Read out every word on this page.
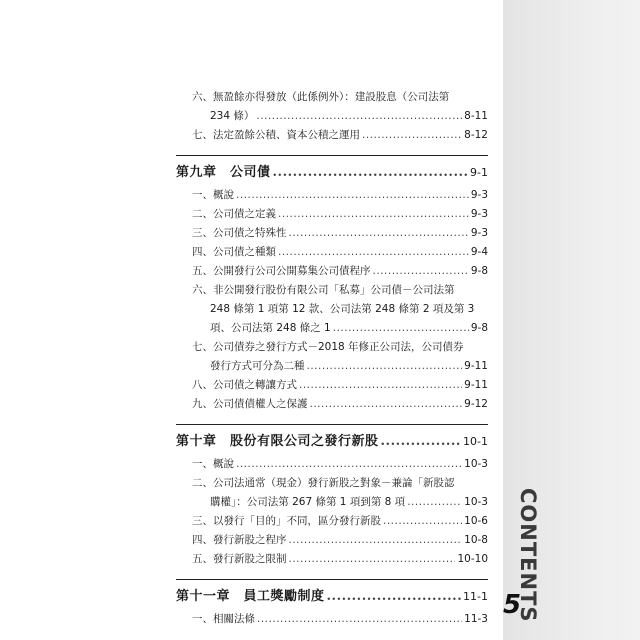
CONTENTS
5
六、無盈餘亦得發放（此係例外）：建設股息（公司法第
234 條） .....	8-11
七、法定盈餘公積、資本公積之運用 .....	8-12
第九章　公司債 .....	9-1
一、概說 .....	9-3
二、公司債之定義 .....	9-3
三、公司債之特殊性 .....	9-3
四、公司債之種類 .....	9-4
五、公開發行公司公開募集公司債程序 .....	9-8
六、非公開發行股份有限公司「私募」公司債－公司法第
248 條第 1 項第 12 款、公司法第 248 條第 2 項及第 3
項、公司法第 248 條之 1 .....	9-8
七、公司債券之發行方式－2018 年修正公司法，公司債券
發行方式可分為二種 .....	9-11
八、公司債之轉讓方式 .....	9-11
九、公司債債權人之保護 .....	9-12
第十章　股份有限公司之發行新股 .....	10-1
一、概說 .....	10-3
二、公司法通常（現金）發行新股之對象－兼論「新股認
購權」：公司法第 267 條第 1 項到第 8 項 .....	10-3
三、以發行「目的」不同，區分發行新股 .....	10-6
四、發行新股之程序 .....	10-8
五、發行新股之限制 .....	10-10
第十一章　員工獎勵制度 .....	11-1
一、相關法條 .....	11-3
